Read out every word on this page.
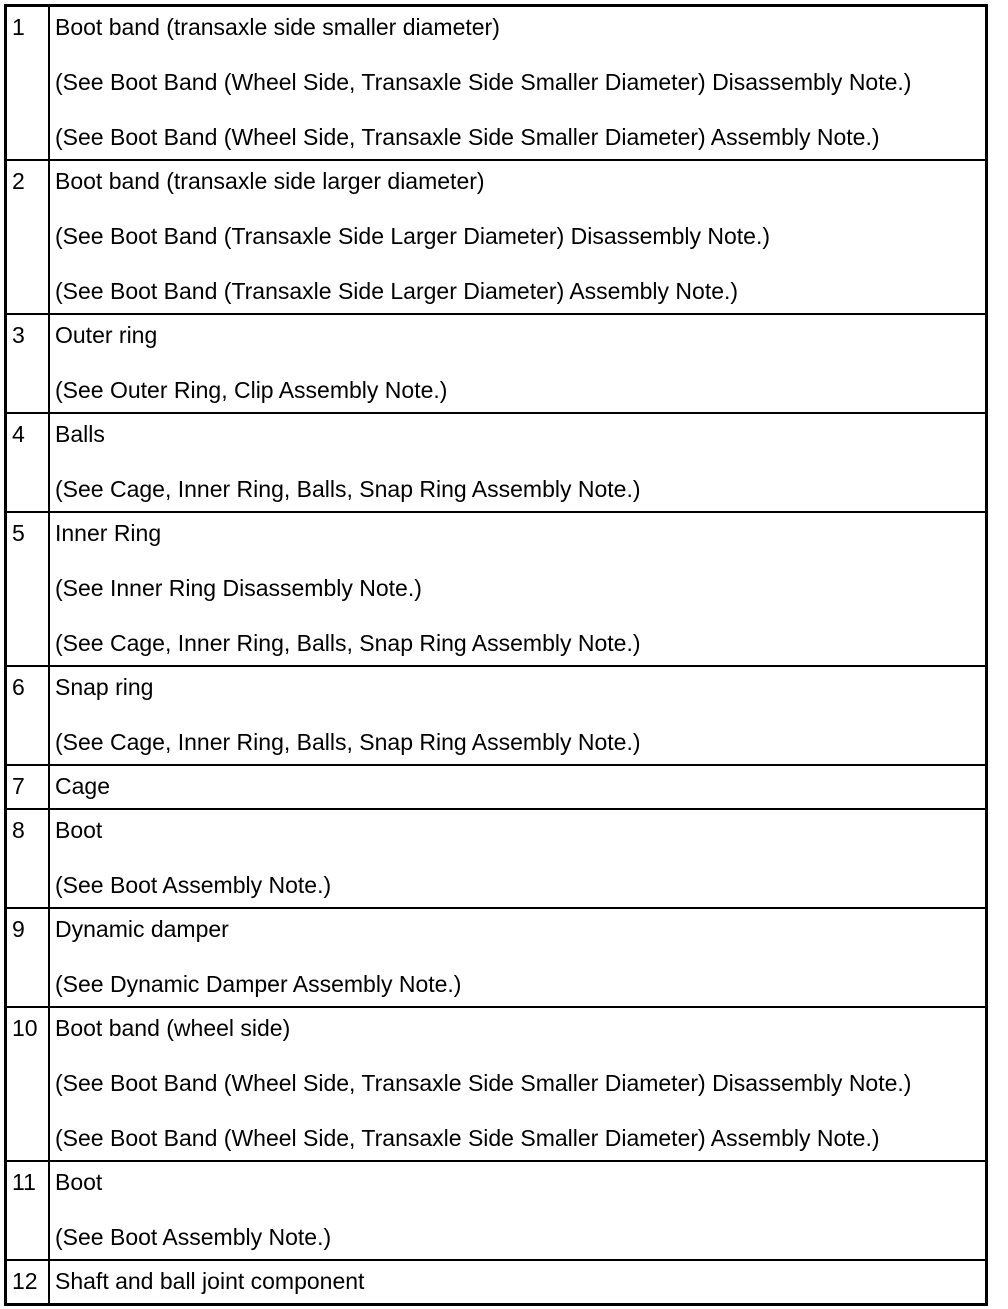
1	Boot band (transaxle side smaller diameter)
(See Boot Band (Wheel Side, Transaxle Side Smaller Diameter) Disassembly Note.)
(See Boot Band (Wheel Side, Transaxle Side Smaller Diameter) Assembly Note.)

2	Boot band (transaxle side larger diameter)
(See Boot Band (Transaxle Side Larger Diameter) Disassembly Note.)
(See Boot Band (Transaxle Side Larger Diameter) Assembly Note.)

3	Outer ring
(See Outer Ring, Clip Assembly Note.)

4	Balls
(See Cage, Inner Ring, Balls, Snap Ring Assembly Note.)

5	Inner Ring
(See Inner Ring Disassembly Note.)
(See Cage, Inner Ring, Balls, Snap Ring Assembly Note.)

6	Snap ring
(See Cage, Inner Ring, Balls, Snap Ring Assembly Note.)

7	Cage

8	Boot
(See Boot Assembly Note.)

9	Dynamic damper
(See Dynamic Damper Assembly Note.)

10	Boot band (wheel side)
(See Boot Band (Wheel Side, Transaxle Side Smaller Diameter) Disassembly Note.)
(See Boot Band (Wheel Side, Transaxle Side Smaller Diameter) Assembly Note.)

11	Boot
(See Boot Assembly Note.)

12	Shaft and ball joint component
